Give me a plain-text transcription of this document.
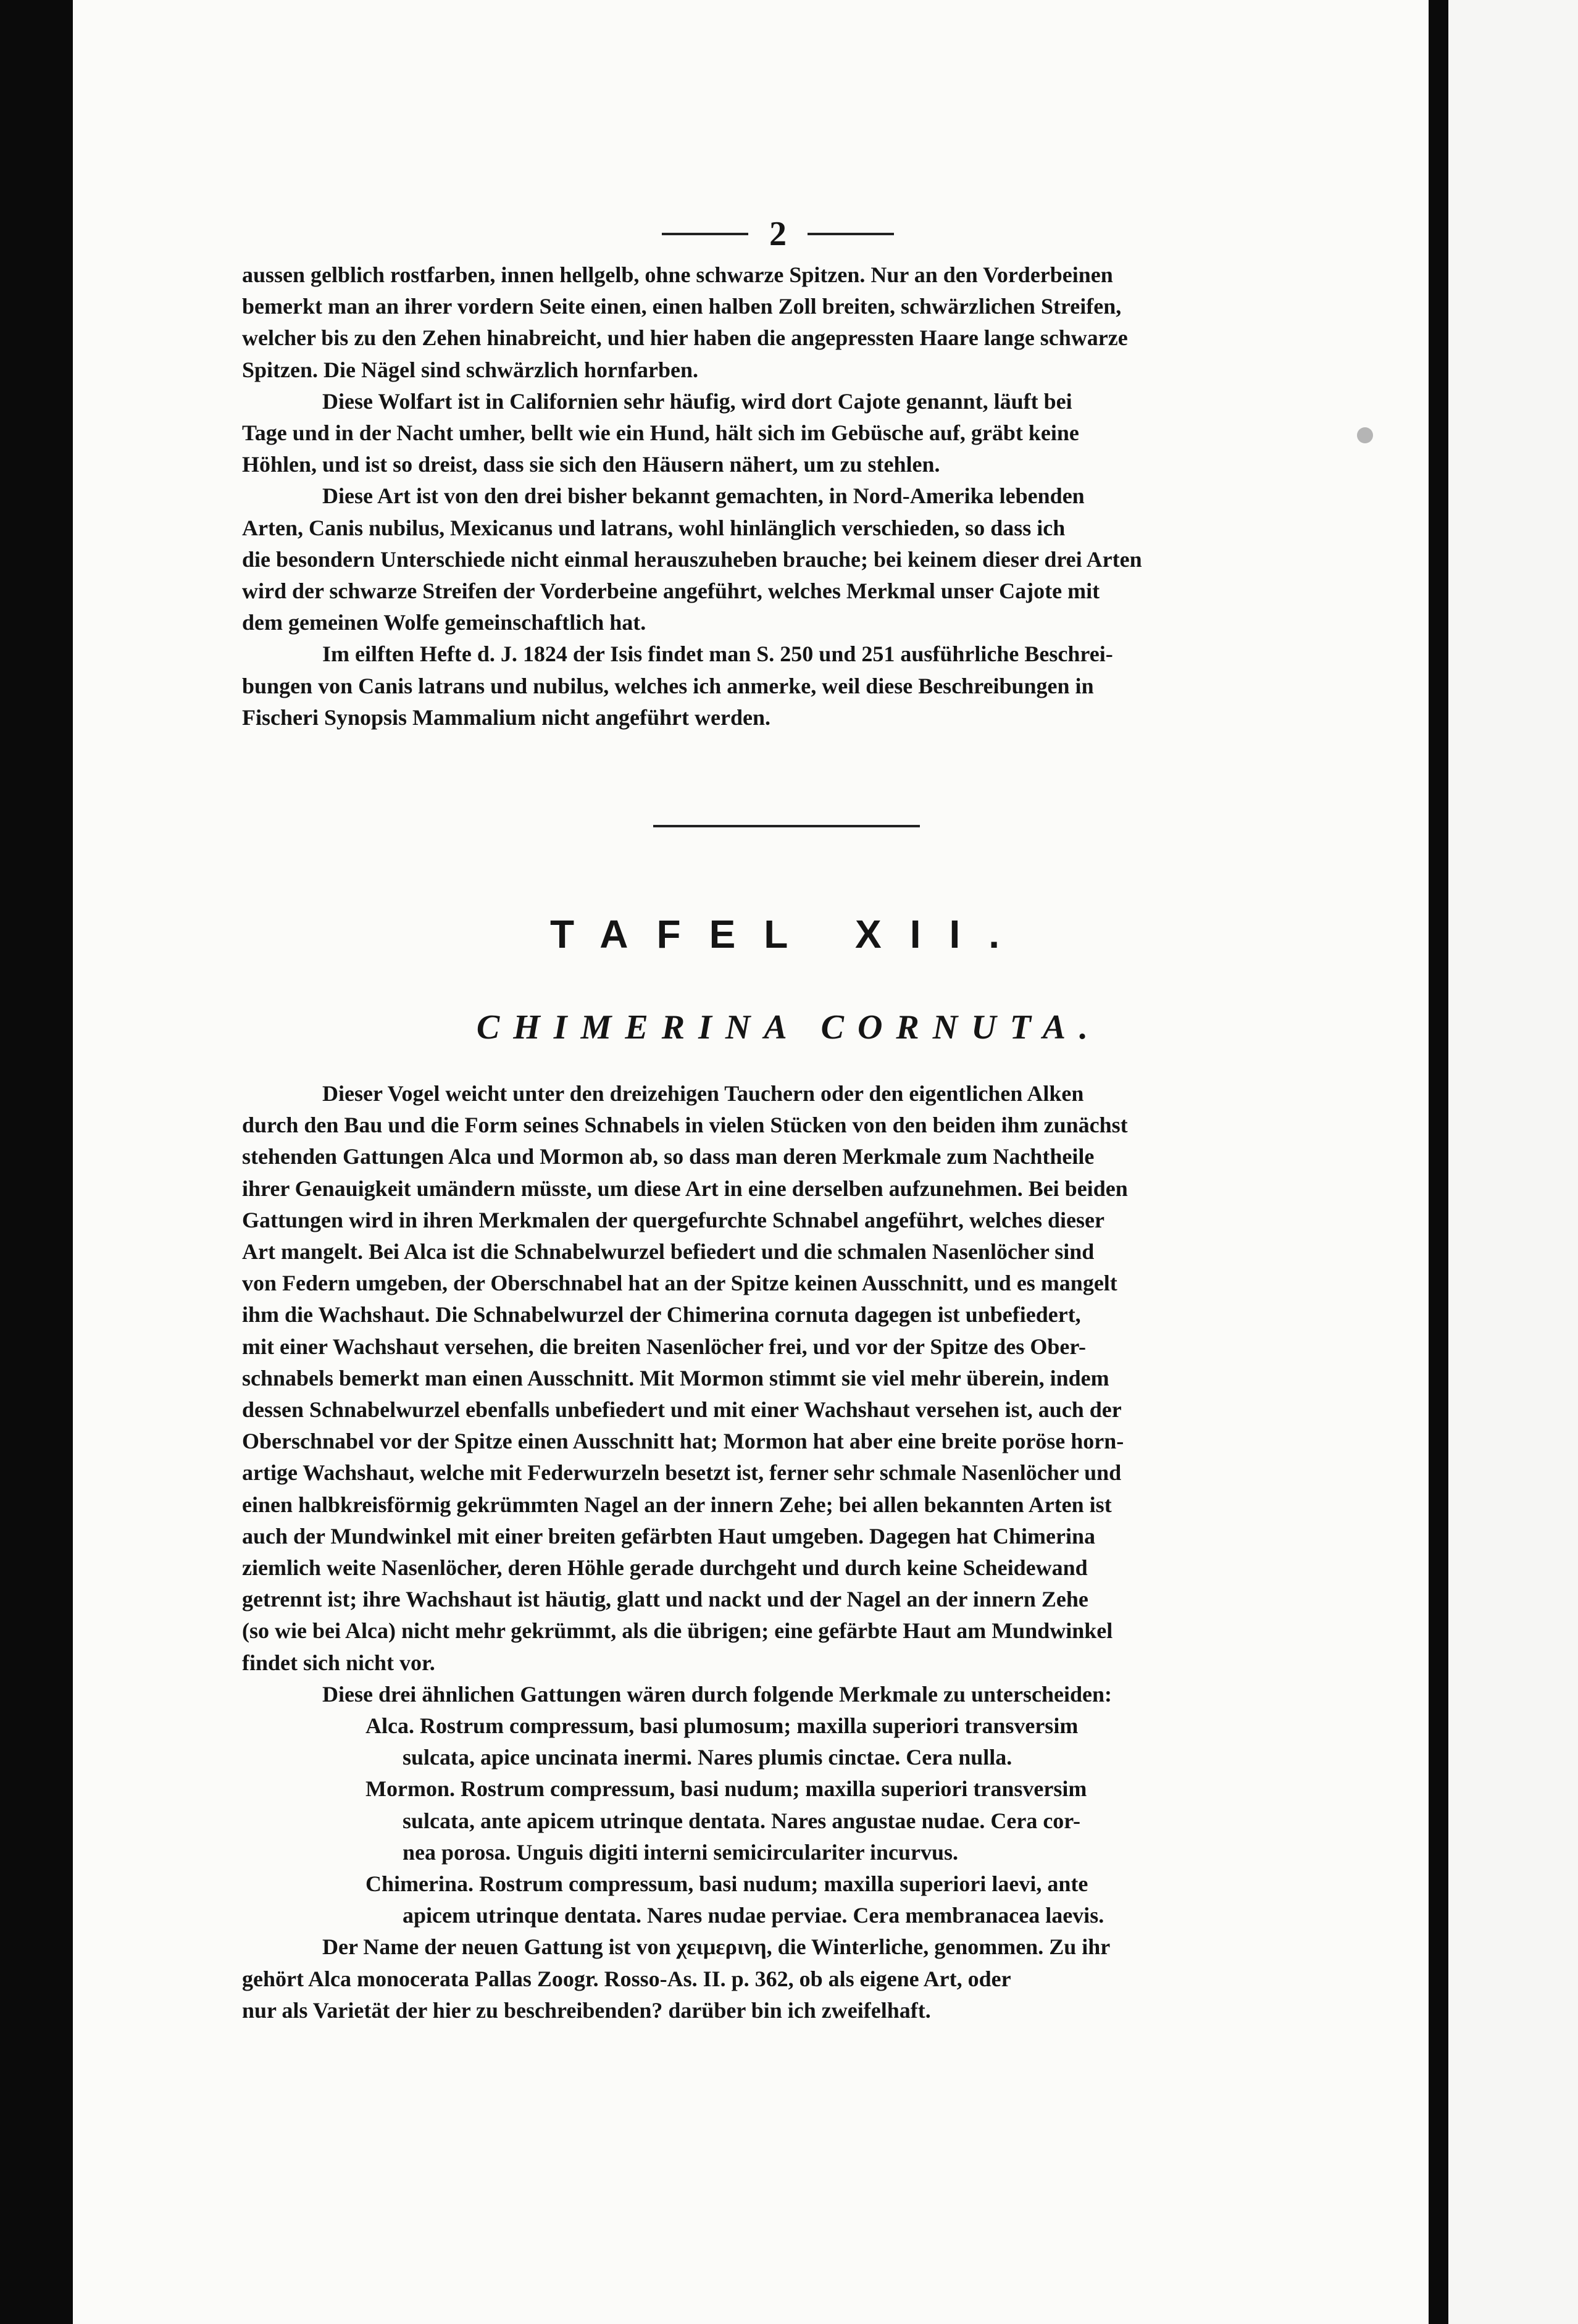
2
aussen gelblich rostfarben, innen hellgelb, ohne schwarze Spitzen. Nur an den Vorderbeinen
bemerkt man an ihrer vordern Seite einen, einen halben Zoll breiten, schwärzlichen Streifen,
welcher bis zu den Zehen hinabreicht, und hier haben die angepressten Haare lange schwarze
Spitzen. Die Nägel sind schwärzlich hornfarben.
Diese Wolfart ist in Californien sehr häufig, wird dort Cajote genannt, läuft bei
Tage und in der Nacht umher, bellt wie ein Hund, hält sich im Gebüsche auf, gräbt keine
Höhlen, und ist so dreist, dass sie sich den Häusern nähert, um zu stehlen.
Diese Art ist von den drei bisher bekannt gemachten, in Nord-Amerika lebenden
Arten, Canis nubilus, Mexicanus und latrans, wohl hinlänglich verschieden, so dass ich
die besondern Unterschiede nicht einmal herauszuheben brauche; bei keinem dieser drei Arten
wird der schwarze Streifen der Vorderbeine angeführt, welches Merkmal unser Cajote mit
dem gemeinen Wolfe gemeinschaftlich hat.
Im eilften Hefte d. J. 1824 der Isis findet man S. 250 und 251 ausführliche Beschrei-
bungen von Canis latrans und nubilus, welches ich anmerke, weil diese Beschreibungen in
Fischeri Synopsis Mammalium nicht angeführt werden.
TAFEL XII.
CHIMERINA CORNUTA.
Dieser Vogel weicht unter den dreizehigen Tauchern oder den eigentlichen Alken
durch den Bau und die Form seines Schnabels in vielen Stücken von den beiden ihm zunächst
stehenden Gattungen Alca und Mormon ab, so dass man deren Merkmale zum Nachtheile
ihrer Genauigkeit umändern müsste, um diese Art in eine derselben aufzunehmen. Bei beiden
Gattungen wird in ihren Merkmalen der quergefurchte Schnabel angeführt, welches dieser
Art mangelt. Bei Alca ist die Schnabelwurzel befiedert und die schmalen Nasenlöcher sind
von Federn umgeben, der Oberschnabel hat an der Spitze keinen Ausschnitt, und es mangelt
ihm die Wachshaut. Die Schnabelwurzel der Chimerina cornuta dagegen ist unbefiedert,
mit einer Wachshaut versehen, die breiten Nasenlöcher frei, und vor der Spitze des Ober-
schnabels bemerkt man einen Ausschnitt. Mit Mormon stimmt sie viel mehr überein, indem
dessen Schnabelwurzel ebenfalls unbefiedert und mit einer Wachshaut versehen ist, auch der
Oberschnabel vor der Spitze einen Ausschnitt hat; Mormon hat aber eine breite poröse horn-
artige Wachshaut, welche mit Federwurzeln besetzt ist, ferner sehr schmale Nasenlöcher und
einen halbkreisförmig gekrümmten Nagel an der innern Zehe; bei allen bekannten Arten ist
auch der Mundwinkel mit einer breiten gefärbten Haut umgeben. Dagegen hat Chimerina
ziemlich weite Nasenlöcher, deren Höhle gerade durchgeht und durch keine Scheidewand
getrennt ist; ihre Wachshaut ist häutig, glatt und nackt und der Nagel an der innern Zehe
(so wie bei Alca) nicht mehr gekrümmt, als die übrigen; eine gefärbte Haut am Mundwinkel
findet sich nicht vor.
Diese drei ähnlichen Gattungen wären durch folgende Merkmale zu unterscheiden:
Alca. Rostrum compressum, basi plumosum; maxilla superiori transversim
sulcata, apice uncinata inermi. Nares plumis cinctae. Cera nulla.
Mormon. Rostrum compressum, basi nudum; maxilla superiori transversim
sulcata, ante apicem utrinque dentata. Nares angustae nudae. Cera cor-
nea porosa. Unguis digiti interni semicirculariter incurvus.
Chimerina. Rostrum compressum, basi nudum; maxilla superiori laevi, ante
apicem utrinque dentata. Nares nudae perviae. Cera membranacea laevis.
Der Name der neuen Gattung ist von χειμερινη, die Winterliche, genommen. Zu ihr
gehört Alca monocerata Pallas Zoogr. Rosso-As. II. p. 362, ob als eigene Art, oder
nur als Varietät der hier zu beschreibenden? darüber bin ich zweifelhaft.
